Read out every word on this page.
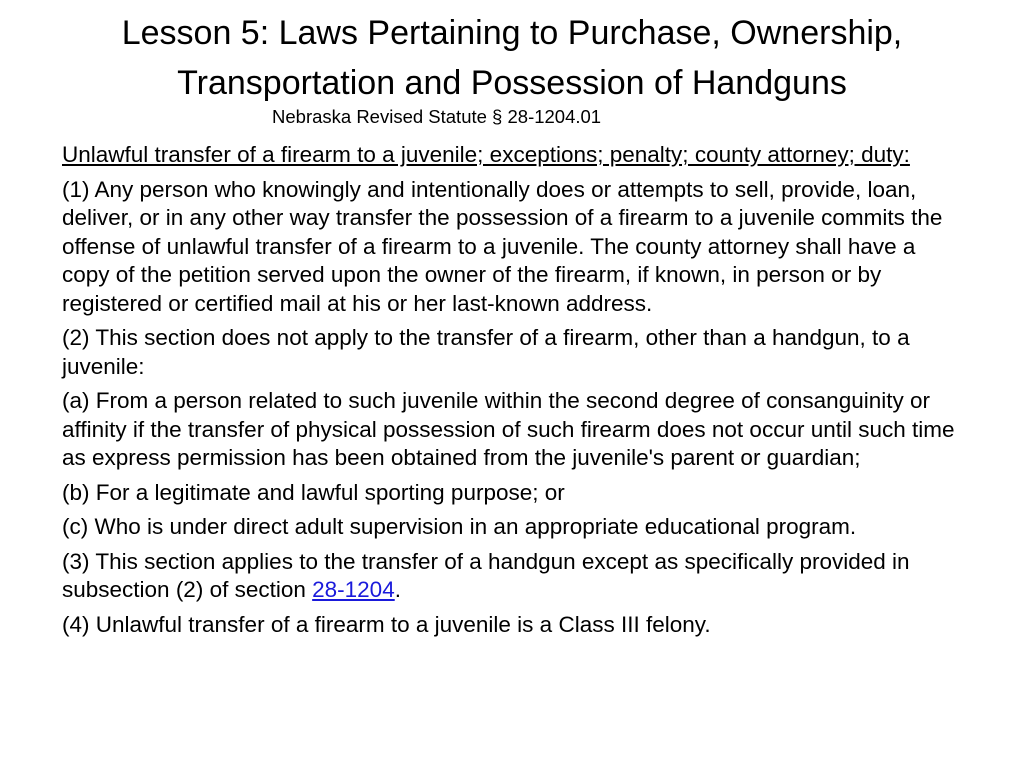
Lesson 5: Laws Pertaining to Purchase, Ownership, Transportation and Possession of Handguns
Nebraska Revised Statute § 28-1204.01

Unlawful transfer of a firearm to a juvenile; exceptions; penalty; county attorney; duty:

(1) Any person who knowingly and intentionally does or attempts to sell, provide, loan, deliver, or in any other way transfer the possession of a firearm to a juvenile commits the offense of unlawful transfer of a firearm to a juvenile. The county attorney shall have a copy of the petition served upon the owner of the firearm, if known, in person or by registered or certified mail at his or her last-known address.

(2) This section does not apply to the transfer of a firearm, other than a handgun, to a juvenile:

(a) From a person related to such juvenile within the second degree of consanguinity or affinity if the transfer of physical possession of such firearm does not occur until such time as express permission has been obtained from the juvenile's parent or guardian;

(b) For a legitimate and lawful sporting purpose; or

(c) Who is under direct adult supervision in an appropriate educational program.

(3) This section applies to the transfer of a handgun except as specifically provided in subsection (2) of section 28-1204.

(4) Unlawful transfer of a firearm to a juvenile is a Class III felony.
